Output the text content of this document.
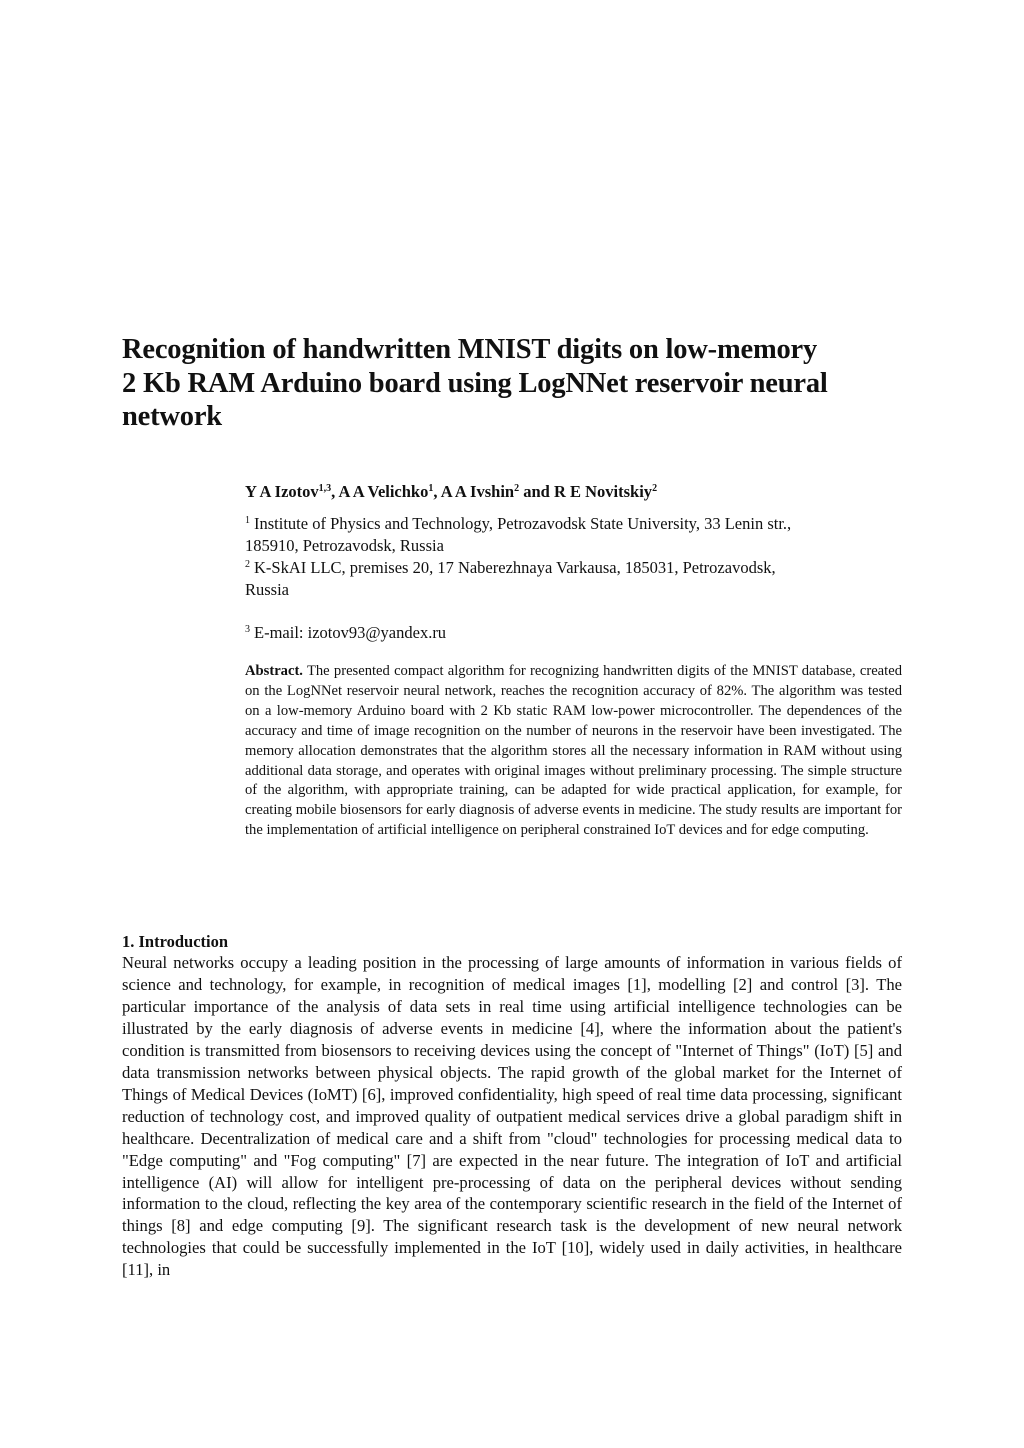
Recognition of handwritten MNIST digits on low-memory
2 Kb RAM Arduino board using LogNNet reservoir neural
network
Y A Izotov$^{1,3}$, A A Velichko$^1$, A A Ivshin$^2$ and R E Novitskiy$^2$
$^1$ Institute of Physics and Technology, Petrozavodsk State University, 33 Lenin str.,
185910, Petrozavodsk, Russia
$^2$ K-SkAI LLC, premises 20, 17 Naberezhnaya Varkausa, 185031, Petrozavodsk,
Russia
$^3$ E-mail: izotov93@yandex.ru

Abstract. The presented compact algorithm for recognizing handwritten digits of the MNIST database, created on the LogNNet reservoir neural network, reaches the recognition accuracy of 82%. The algorithm was tested on a low-memory Arduino board with 2 Kb static RAM low-power microcontroller. The dependences of the accuracy and time of image recognition on the number of neurons in the reservoir have been investigated. The memory allocation demonstrates that the algorithm stores all the necessary information in RAM without using additional data storage, and operates with original images without preliminary processing. The simple structure of the algorithm, with appropriate training, can be adapted for wide practical application, for example, for creating mobile biosensors for early diagnosis of adverse events in medicine. The study results are important for the implementation of artificial intelligence on peripheral constrained IoT devices and for edge computing.

1. Introduction

Neural networks occupy a leading position in the processing of large amounts of information in various fields of science and technology, for example, in recognition of medical images [1], modelling [2] and control [3]. The particular importance of the analysis of data sets in real time using artificial intelligence technologies can be illustrated by the early diagnosis of adverse events in medicine [4], where the information about the patient's condition is transmitted from biosensors to receiving devices using the concept of "Internet of Things" (IoT) [5] and data transmission networks between physical objects. The rapid growth of the global market for the Internet of Things of Medical Devices (IoMT) [6], improved confidentiality, high speed of real time data processing, significant reduction of technology cost, and improved quality of outpatient medical services drive a global paradigm shift in healthcare. Decentralization of medical care and a shift from "cloud" technologies for processing medical data to "Edge computing" and "Fog computing" [7] are expected in the near future. The integration of IoT and artificial intelligence (AI) will allow for intelligent pre-processing of data on the peripheral devices without sending information to the cloud, reflecting the key area of the contemporary scientific research in the field of the Internet of things [8] and edge computing [9]. The significant research task is the development of new neural network technologies that could be successfully implemented in the IoT [10], widely used in daily activities, in healthcare [11], in
